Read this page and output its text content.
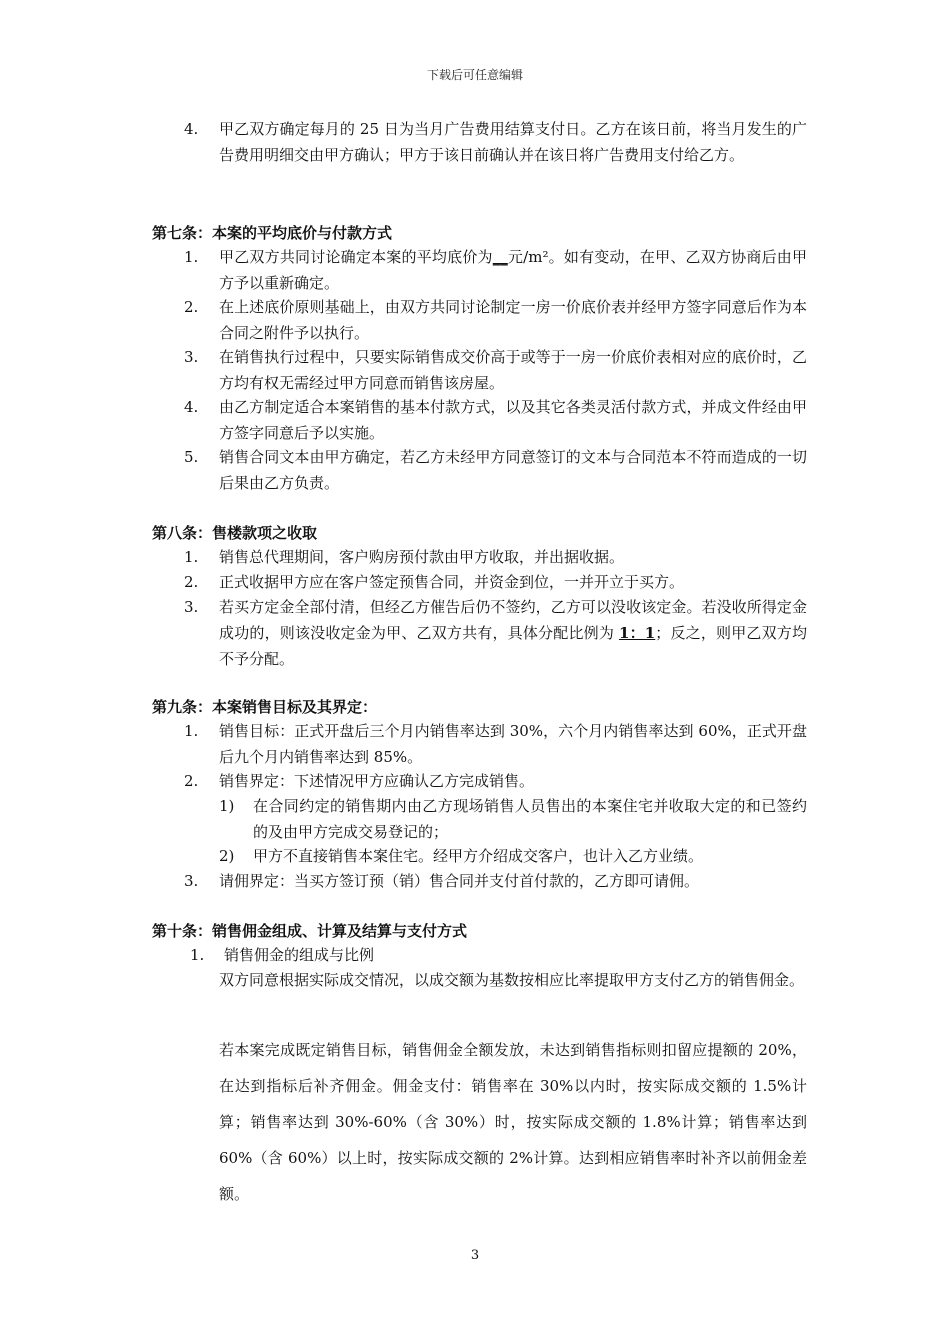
下载后可任意编辑
4. 甲乙双方确定每月的 25 日为当月广告费用结算支付日。乙方在该日前，将当月发生的广告费用明细交由甲方确认；甲方于该日前确认并在该日将广告费用支付给乙方。
第七条：本案的平均底价与付款方式
1. 甲乙双方共同讨论确定本案的平均底价为__元/m²。如有变动，在甲、乙双方协商后由甲方予以重新确定。
2. 在上述底价原则基础上，由双方共同讨论制定一房一价底价表并经甲方签字同意后作为本合同之附件予以执行。
3. 在销售执行过程中，只要实际销售成交价高于或等于一房一价底价表相对应的底价时，乙方均有权无需经过甲方同意而销售该房屋。
4. 由乙方制定适合本案销售的基本付款方式，以及其它各类灵活付款方式，并成文件经由甲方签字同意后予以实施。
5. 销售合同文本由甲方确定，若乙方未经甲方同意签订的文本与合同范本不符而造成的一切后果由乙方负责。
第八条：售楼款项之收取
1. 销售总代理期间，客户购房预付款由甲方收取，并出据收据。
2. 正式收据甲方应在客户签定预售合同，并资金到位，一并开立于买方。
3. 若买方定金全部付清，但经乙方催告后仍不签约，乙方可以没收该定金。若没收所得定金成功的，则该没收定金为甲、乙双方共有，具体分配比例为 1：1；反之，则甲乙双方均不予分配。
第九条：本案销售目标及其界定：
1. 销售目标：正式开盘后三个月内销售率达到 30%，六个月内销售率达到 60%，正式开盘后九个月内销售率达到 85%。
2. 销售界定：下述情况甲方应确认乙方完成销售。
1) 在合同约定的销售期内由乙方现场销售人员售出的本案住宅并收取大定的和已签约的及由甲方完成交易登记的；
2) 甲方不直接销售本案住宅。经甲方介绍成交客户，也计入乙方业绩。
3. 请佣界定：当买方签订预（销）售合同并支付首付款的，乙方即可请佣。
第十条：销售佣金组成、计算及结算与支付方式
1. 销售佣金的组成与比例
双方同意根据实际成交情况，以成交额为基数按相应比率提取甲方支付乙方的销售佣金。
若本案完成既定销售目标，销售佣金全额发放，未达到销售指标则扣留应提额的 20%，在达到指标后补齐佣金。佣金支付：销售率在 30%以内时，按实际成交额的 1.5%计算；销售率达到 30%-60%（含 30%）时，按实际成交额的 1.8%计算；销售率达到 60%（含 60%）以上时，按实际成交额的 2%计算。达到相应销售率时补齐以前佣金差额。
3
